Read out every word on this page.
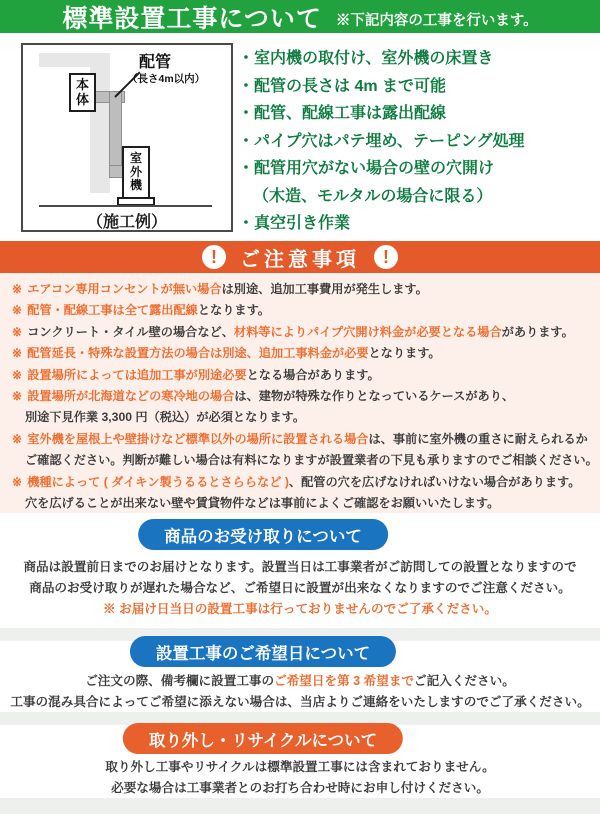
標準設置工事について ※下記内容の工事を行います。
本体
室外機
配管
（長さ4m以内）
（施工例）
・室内機の取付け、室外機の床置き
・配管の長さは 4m まで可能
・配管、配線工事は露出配線
・パイプ穴はパテ埋め、テーピング処理
・配管用穴がない場合の壁の穴開け
（木造、モルタルの場合に限る）
・真空引き作業
!	ご注意事項	!

※ エアコン専用コンセントが無い場合は別途、追加工事費用が発生します。

※ 配管・配線工事は全て露出配線となります。

※ コンクリート・タイル壁の場合など、材料等によりパイプ穴開け料金が必要となる場合があります。

※ 配管延長・特殊な設置方法の場合は別途、追加工事料金が必要となります。

※ 設置場所によっては追加工事が別途必要となる場合があります。

※ 設置場所が北海道などの寒冷地の場合は、建物が特殊な作りとなっているケースがあり、

別途下見作業 3,300 円（税込）が必須となります。

※ 室外機を屋根上や壁掛けなど標準以外の場所に設置される場合は、事前に室外機の重さに耐えられるか

ご確認ください。判断が難しい場合は有料になりますが設置業者の下見も承りますのでご相談ください。

※ 機種によって ( ダイキン製うるるとさららなど )、配管の穴を広げなければいけない場合があります。

穴を広げることが出来ない壁や賃貸物件などは事前によくご確認をお願いいたします。

商品のお受け取りについて

商品は設置前日までのお届けとなります。設置当日は工事業者がご訪問しての設置となりますので

商品のお受け取りが遅れた場合など、ご希望日に設置が出来なくなりますのでご注意ください。

※ お届け日当日の設置工事は行っておりませんのでご了承ください。

設置工事のご希望日について

ご注文の際、備考欄に設置工事のご希望日を第 3 希望までご記入ください。

工事の混み具合によってご希望に添えない場合は、当店よりご連絡をいたしますのでご了承ください。

取り外し・リサイクルについて

取り外し工事やリサイクルは標準設置工事には含まれておりません。

必要な場合は工事業者とのお打ち合わせ時にお申し付けください。
